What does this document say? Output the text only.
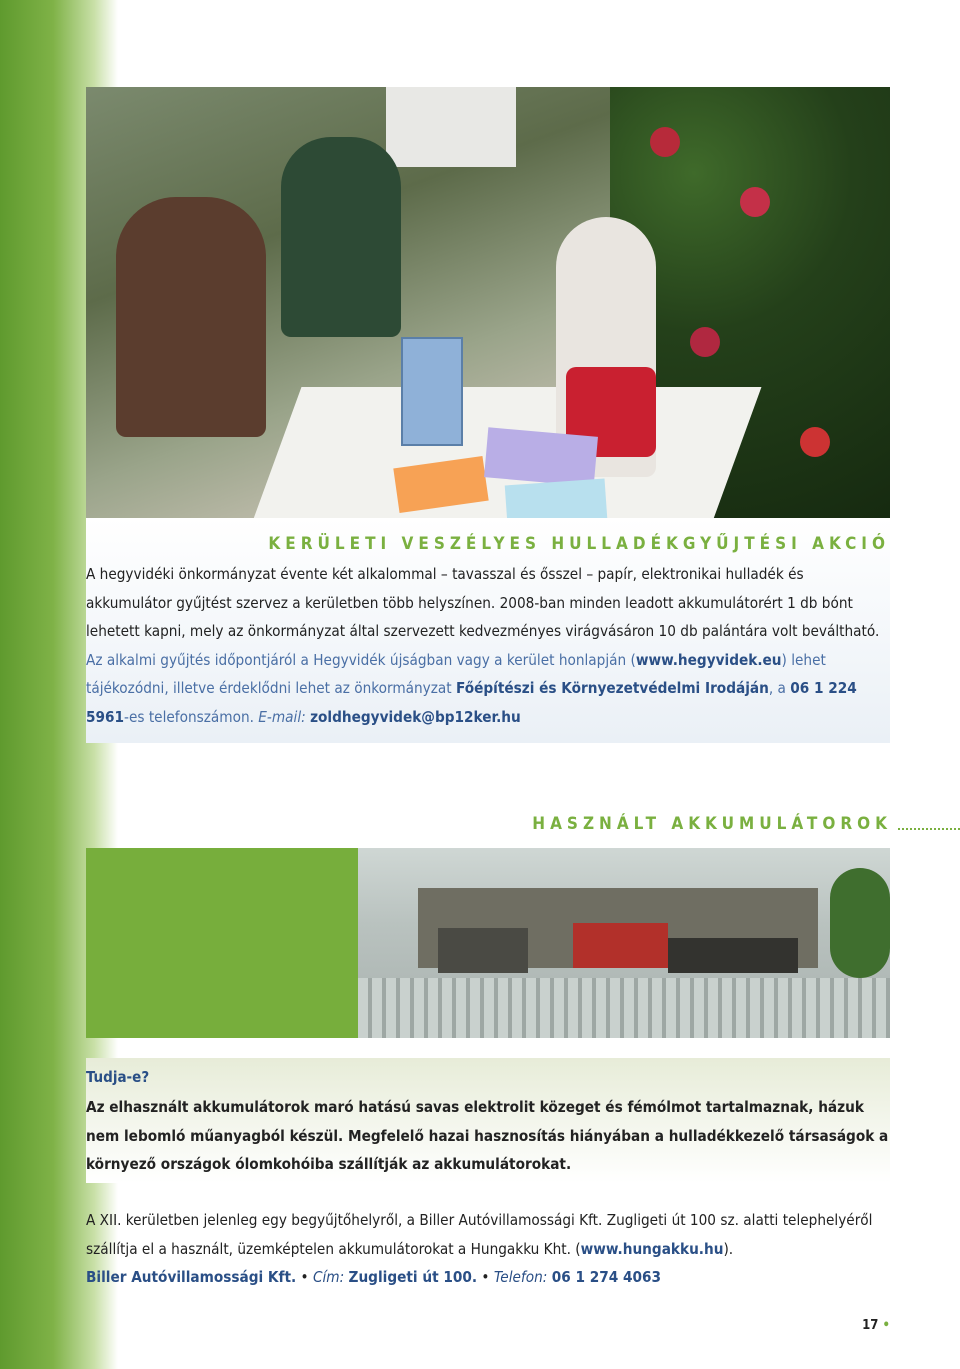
KERÜLETI VESZÉLYES HULLADÉKGYŰJTÉSI AKCIÓ

A hegyvidéki önkormányzat évente két alkalommal – tavasszal és ősszel – papír, elektronikai hulladék és akkumulátor gyűjtést szervez a kerületben több helyszínen. 2008-ban minden leadott akkumulátorért 1 db bónt lehetett kapni, mely az önkormányzat által szervezett kedvezményes virágvásáron 10 db palántára volt beváltható. Az alkalmi gyűjtés időpontjáról a Hegyvidék újságban vagy a kerület honlapján (www.hegyvidek.eu) lehet tájékozódni, illetve érdeklődni lehet az önkormányzat Főépítészi és Környezetvédelmi Irodáján, a 06 1 224 5961-es telefonszámon. E-mail: zoldhegyvidek@bp12ker.hu

HASZNÁLT AKKUMULÁTOROK
Tudja-e?

Az elhasznált akkumulátorok maró hatású savas elektrolit közeget és fémólmot tartalmaznak, házuk nem lebomló műanyagból készül. Megfelelő hazai hasznosítás hiányában a hulladékkezelő társaságok a környező országok ólomkohóiba szállítják az akkumulátorokat.

A XII. kerületben jelenleg egy begyűjtőhelyről, a Biller Autóvillamossági Kft. Zugligeti út 100 sz. alatti telephelyéről szállítja el a használt, üzemképtelen akkumulátorokat a Hungakku Kht. (www.hungakku.hu).
Biller Autóvillamossági Kft. • Cím: Zugligeti út 100. • Telefon: 06 1 274 4063

17 •
